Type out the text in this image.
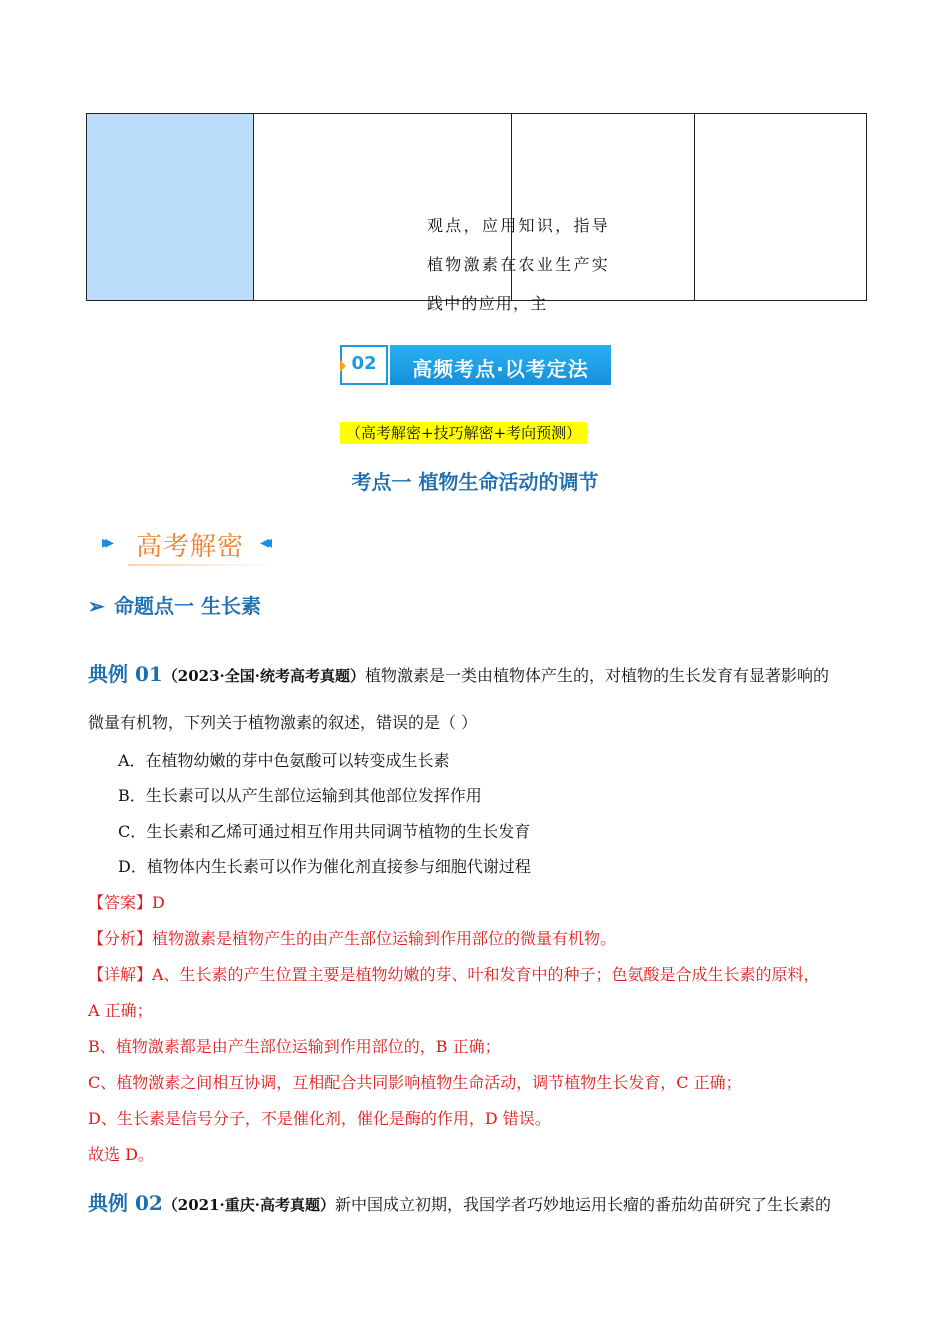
观点，应用知识，指导植物激素在农业生产实践中的应用，主
02	高频考点·以考定法
（高考解密+技巧解密+考向预测）
考点一 植物生命活动的调节
▸▸ 高考解密 ◂◂
➢ 命题点一 生长素
典例 01（2023·全国·统考高考真题）植物激素是一类由植物体产生的，对植物的生长发育有显著影响的
微量有机物，下列关于植物激素的叙述，错误的是（ ）
A．在植物幼嫩的芽中色氨酸可以转变成生长素
B．生长素可以从产生部位运输到其他部位发挥作用
C．生长素和乙烯可通过相互作用共同调节植物的生长发育
D．植物体内生长素可以作为催化剂直接参与细胞代谢过程
【答案】D
【分析】植物激素是植物产生的由产生部位运输到作用部位的微量有机物。
【详解】A、生长素的产生位置主要是植物幼嫩的芽、叶和发育中的种子；色氨酸是合成生长素的原料，
A 正确；
B、植物激素都是由产生部位运输到作用部位的，B 正确；
C、植物激素之间相互协调，互相配合共同影响植物生命活动，调节植物生长发育，C 正确；
D、生长素是信号分子，不是催化剂，催化是酶的作用，D 错误。
故选 D。
典例 02（2021·重庆·高考真题）新中国成立初期，我国学者巧妙地运用长瘤的番茄幼苗研究了生长素的
